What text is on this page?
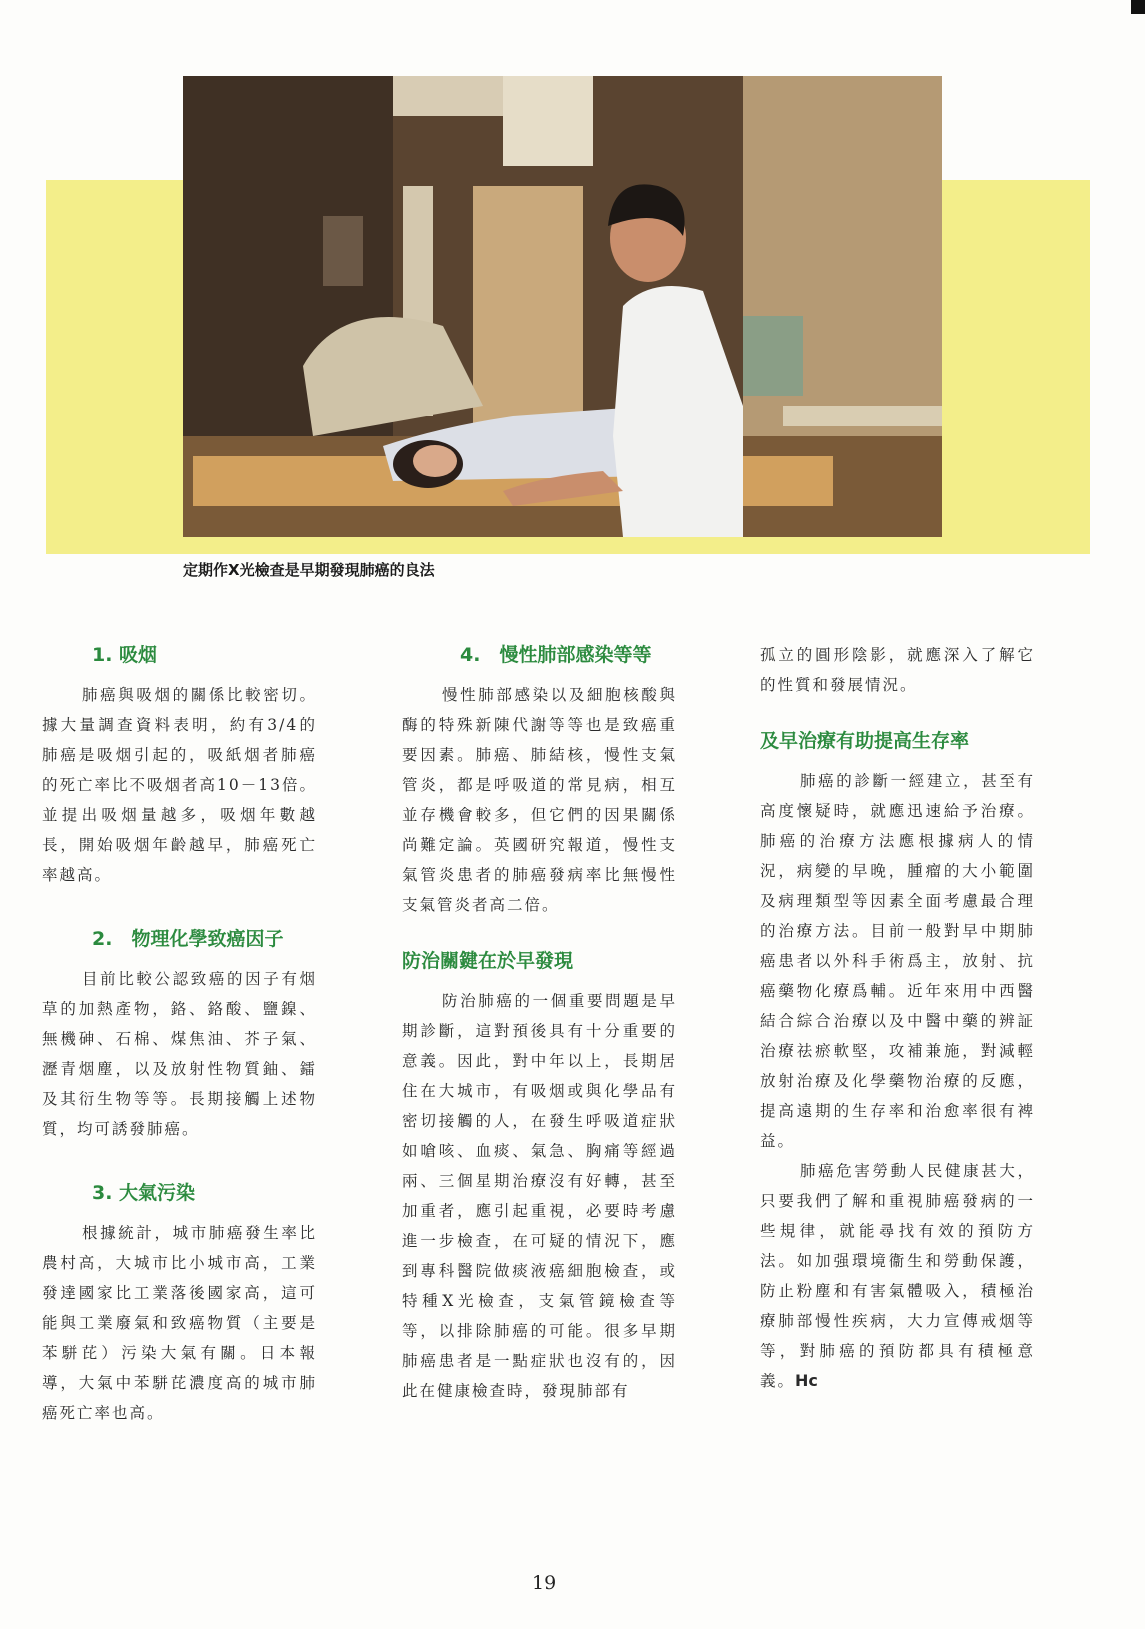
定期作X光檢查是早期發現肺癌的良法
1. 吸烟

肺癌與吸烟的關係比較密切。據大量調查資料表明，約有3/4的肺癌是吸烟引起的，吸紙烟者肺癌的死亡率比不吸烟者高10－13倍。並提出吸烟量越多，吸烟年數越長，開始吸烟年齡越早，肺癌死亡率越高。

2.　物理化學致癌因子

目前比較公認致癌的因子有烟草的加熱產物，鉻、鉻酸、鹽鎳、無機砷、石棉、煤焦油、芥子氣、瀝青烟塵，以及放射性物質鈾、鐳及其衍生物等等。長期接觸上述物質，均可誘發肺癌。

3. 大氣污染

根據統計，城市肺癌發生率比農村高，大城市比小城市高，工業發達國家比工業落後國家高，這可能與工業廢氣和致癌物質（主要是苯駢芘）污染大氣有關。日本報導，大氣中苯駢芘濃度高的城市肺癌死亡率也高。

4.　慢性肺部感染等等

慢性肺部感染以及細胞核酸與酶的特殊新陳代謝等等也是致癌重要因素。肺癌、肺結核，慢性支氣管炎，都是呼吸道的常見病，相互並存機會較多，但它們的因果關係尚難定論。英國研究報道，慢性支氣管炎患者的肺癌發病率比無慢性支氣管炎者高二倍。

防治關鍵在於早發現

防治肺癌的一個重要問題是早期診斷，這對預後具有十分重要的意義。因此，對中年以上，長期居住在大城市，有吸烟或與化學品有密切接觸的人，在發生呼吸道症狀如嗆咳、血痰、氣急、胸痛等經過兩、三個星期治療沒有好轉，甚至加重者，應引起重視，必要時考慮進一步檢查，在可疑的情況下，應到專科醫院做痰液癌細胞檢查，或特種X光檢查，支氣管鏡檢查等等，以排除肺癌的可能。很多早期肺癌患者是一點症狀也沒有的，因此在健康檢查時，發現肺部有

孤立的圓形陰影，就應深入了解它的性質和發展情況。

及早治療有助提高生存率

肺癌的診斷一經建立，甚至有高度懷疑時，就應迅速給予治療。肺癌的治療方法應根據病人的情況，病變的早晚，腫瘤的大小範圍及病理類型等因素全面考慮最合理的治療方法。目前一般對早中期肺癌患者以外科手術爲主，放射、抗癌藥物化療爲輔。近年來用中西醫結合綜合治療以及中醫中藥的辨証治療祛瘀軟堅，攻補兼施，對減輕放射治療及化學藥物治療的反應，提高遠期的生存率和治愈率很有裨益。

肺癌危害勞動人民健康甚大，只要我們了解和重視肺癌發病的一些規律，就能尋找有效的預防方法。如加强環境衞生和勞動保護，防止粉塵和有害氣體吸入，積極治療肺部慢性疾病，大力宣傳戒烟等等，對肺癌的預防都具有積極意義。Hc

19
